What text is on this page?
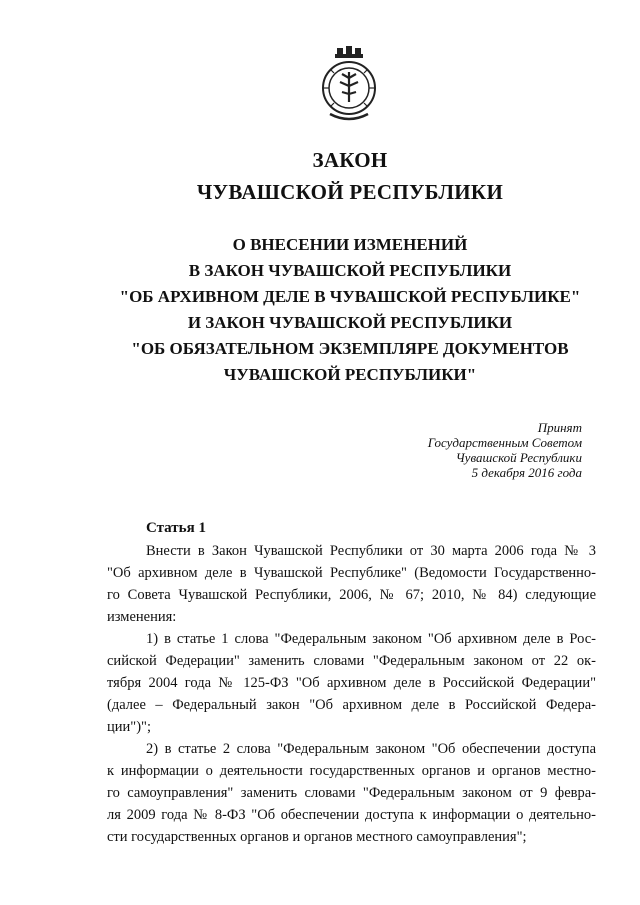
ЗАКОН
ЧУВАШСКОЙ РЕСПУБЛИКИ
О ВНЕСЕНИИ ИЗМЕНЕНИЙ
В ЗАКОН ЧУВАШСКОЙ РЕСПУБЛИКИ
"ОБ АРХИВНОМ ДЕЛЕ В ЧУВАШСКОЙ РЕСПУБЛИКЕ"
И ЗАКОН ЧУВАШСКОЙ РЕСПУБЛИКИ
"ОБ ОБЯЗАТЕЛЬНОМ ЭКЗЕМПЛЯРЕ ДОКУМЕНТОВ
ЧУВАШСКОЙ РЕСПУБЛИКИ"
Принят
Государственным Советом
Чувашской Республики
5 декабря 2016 года
Статья 1
Внести в Закон Чувашской Республики от 30 марта 2006 года № 3
"Об архивном деле в Чувашской Республике" (Ведомости Государственно-
го Совета Чувашской Республики, 2006, № 67; 2010, № 84) следующие
изменения:
1) в статье 1 слова "Федеральным законом "Об архивном деле в Рос-
сийской Федерации" заменить словами "Федеральным законом от 22 ок-
тября 2004 года № 125-ФЗ "Об архивном деле в Российской Федерации"
(далее – Федеральный закон "Об архивном деле в Российской Федера-
ции")";
2) в статье 2 слова "Федеральным законом "Об обеспечении доступа
к информации о деятельности государственных органов и органов местно-
го самоуправления" заменить словами "Федеральным законом от 9 февра-
ля 2009 года № 8-ФЗ "Об обеспечении доступа к информации о деятельно-
сти государственных органов и органов местного самоуправления";
